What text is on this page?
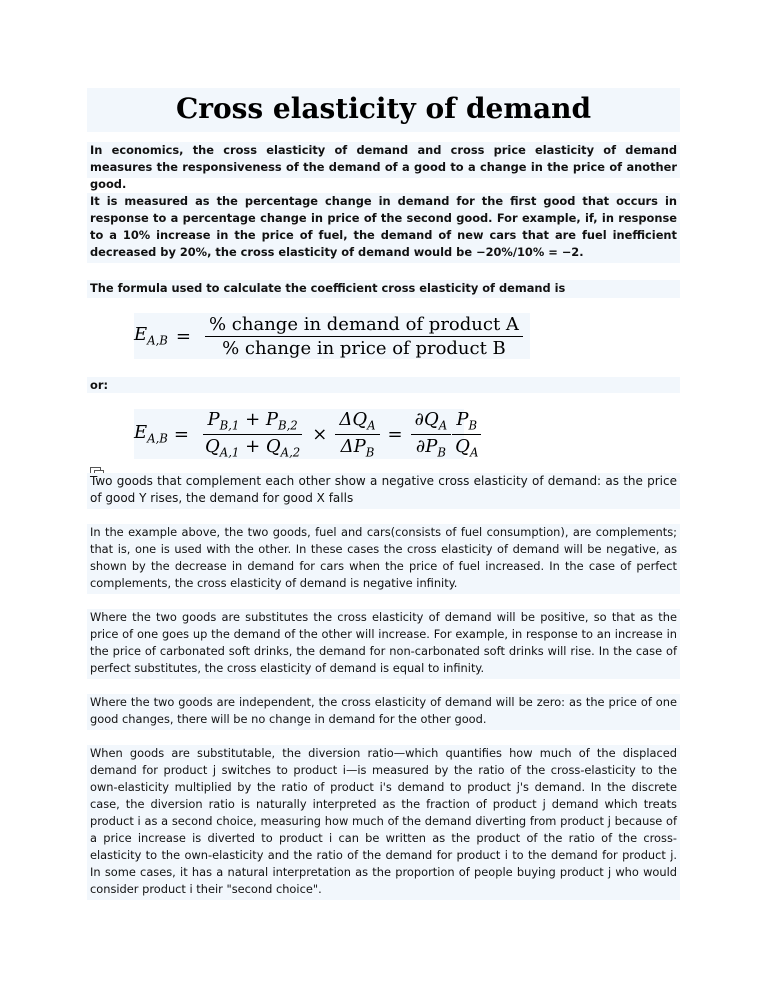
Cross elasticity of demand
In economics, the cross elasticity of demand and cross price elasticity of demand measures the responsiveness of the demand of a good to a change in the price of another good.
It is measured as the percentage change in demand for the first good that occurs in response to a percentage change in price of the second good. For example, if, in response to a 10% increase in the price of fuel, the demand of new cars that are fuel inefficient decreased by 20%, the cross elasticity of demand would be −20%/10% = −2.
The formula used to calculate the coefficient cross elasticity of demand is
$E_{A,B} = \frac{\text{\% change in demand of product A}}{\text{\% change in price of product B}}$
or:
$E_{A,B} = \frac{P_{B,1} + P_{B,2}}{Q_{A,1} + Q_{A,2}} \times \frac{\Delta Q_A}{\Delta P_B} = \frac{\partial Q_A}{\partial P_B} \frac{P_B}{Q_A}$
Two goods that complement each other show a negative cross elasticity of demand: as the price of good Y rises, the demand for good X falls
In the example above, the two goods, fuel and cars(consists of fuel consumption), are complements; that is, one is used with the other. In these cases the cross elasticity of demand will be negative, as shown by the decrease in demand for cars when the price of fuel increased. In the case of perfect complements, the cross elasticity of demand is negative infinity.
Where the two goods are substitutes the cross elasticity of demand will be positive, so that as the price of one goes up the demand of the other will increase. For example, in response to an increase in the price of carbonated soft drinks, the demand for non-carbonated soft drinks will rise. In the case of perfect substitutes, the cross elasticity of demand is equal to infinity.
Where the two goods are independent, the cross elasticity of demand will be zero: as the price of one good changes, there will be no change in demand for the other good.
When goods are substitutable, the diversion ratio—which quantifies how much of the displaced demand for product j switches to product i—is measured by the ratio of the cross-elasticity to the own-elasticity multiplied by the ratio of product i's demand to product j's demand. In the discrete case, the diversion ratio is naturally interpreted as the fraction of product j demand which treats product i as a second choice, measuring how much of the demand diverting from product j because of a price increase is diverted to product i can be written as the product of the ratio of the cross-elasticity to the own-elasticity and the ratio of the demand for product i to the demand for product j. In some cases, it has a natural interpretation as the proportion of people buying product j who would consider product i their "second choice".
